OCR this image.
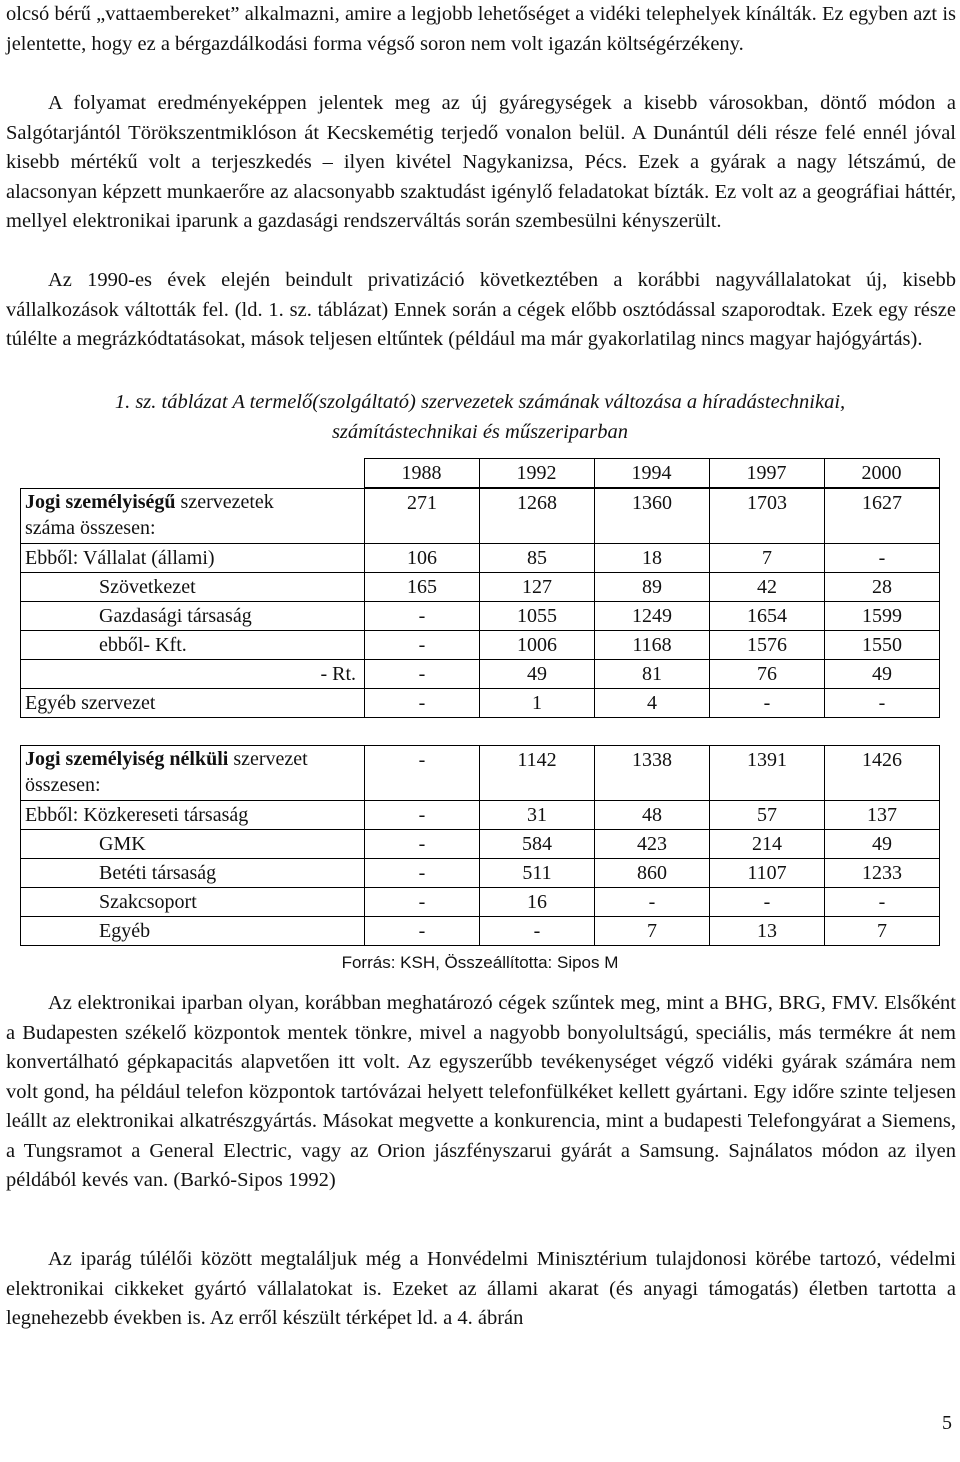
olcsó bérű „vattaembereket” alkalmazni, amire a legjobb lehetőséget a vidéki telephelyek kínálták. Ez egyben azt is jelentette, hogy ez a bérgazdálkodási forma végső soron nem volt igazán költségérzékeny.

A folyamat eredményeképpen jelentek meg az új gyáregységek a kisebb városokban, döntő módon a Salgótarjántól Törökszentmiklóson át Kecskemétig terjedő vonalon belül. A Dunántúl déli része felé ennél jóval kisebb mértékű volt a terjeszkedés – ilyen kivétel Nagykanizsa, Pécs. Ezek a gyárak a nagy létszámú, de alacsonyan képzett munkaerőre az alacsonyabb szaktudást igénylő feladatokat bízták. Ez volt az a geográfiai háttér, mellyel elektronikai iparunk a gazdasági rendszerváltás során szembesülni kényszerült.

Az 1990-es évek elején beindult privatizáció következtében a korábbi nagyvállalatokat új, kisebb vállalkozások váltották fel. (ld. 1. sz. táblázat) Ennek során a cégek előbb osztódással szaporodtak. Ezek egy része túlélte a megrázkódtatásokat, mások teljesen eltűntek (például ma már gyakorlatilag nincs magyar hajógyártás).

1. sz. táblázat A termelő(szolgáltató) szervezetek számának változása a híradástechnikai,

számítástechnikai és műszeriparban

	1988	1992	1994	1997	2000
Jogi személyiségű szervezetek
száma összesen:	271	1268	1360	1703	1627
Ebből: Vállalat (állami)	106	85	18	7	-
Szövetkezet	165	127	89	42	28
Gazdasági társaság	-	1055	1249	1654	1599
ebből- Kft.	-	1006	1168	1576	1550
- Rt.	-	49	81	76	49
Egyéb szervezet	-	1	4	-	-
Jogi személyiség nélküli szervezet
összesen:	-	1142	1338	1391	1426
Ebből: Közkereseti társaság	-	31	48	57	137
GMK	-	584	423	214	49
Betéti társaság	-	511	860	1107	1233
Szakcsoport	-	16	-	-	-
Egyéb	-	-	7	13	7
Forrás: KSH, Összeállította: Sipos M

Az elektronikai iparban olyan, korábban meghatározó cégek szűntek meg, mint a BHG, BRG, FMV. Elsőként a Budapesten székelő központok mentek tönkre, mivel a nagyobb bonyolultságú, speciális, más termékre át nem konvertálható gépkapacitás alapvetően itt volt. Az egyszerűbb tevékenységet végző vidéki gyárak számára nem volt gond, ha például telefon központok tartóvázai helyett telefonfülkéket kellett gyártani. Egy időre szinte teljesen leállt az elektronikai alkatrészgyártás. Másokat megvette a konkurencia, mint a budapesti Telefongyárat a Siemens, a Tungsramot a General Electric, vagy az Orion jászfényszarui gyárát a Samsung. Sajnálatos módon az ilyen példából kevés van. (Barkó-Sipos 1992)

Az iparág túlélői között megtaláljuk még a Honvédelmi Minisztérium tulajdonosi körébe tartozó, védelmi elektronikai cikkeket gyártó vállalatokat is. Ezeket az állami akarat (és anyagi támogatás) életben tartotta a legnehezebb években is. Az erről készült térképet ld. a 4. ábrán

5
